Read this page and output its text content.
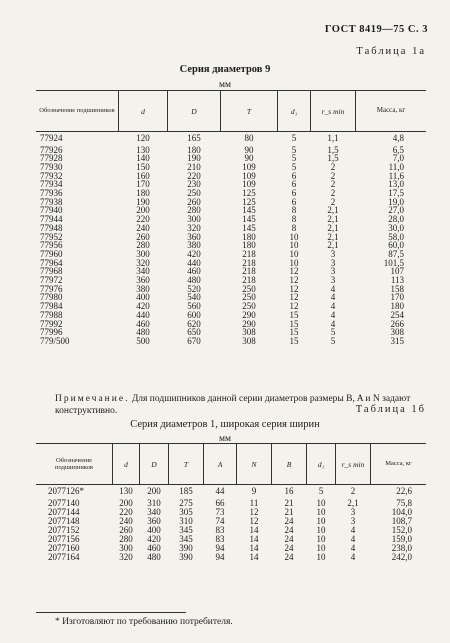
ГОСТ 8419—75 С. 3
Таблица 1а
Серия диаметров 9
мм
Обозначение подшипников	d	D	T	d₁	r_s min	Масса, кг
77924	120	165	80	5	1,1	4,8
77926	130	180	90	5	1,5	6,5
77928	140	190	90	5	1,5	7,0
77930	150	210	109	5	2	11,0
77932	160	220	109	6	2	11,6
77934	170	230	109	6	2	13,0
77936	180	250	125	6	2	17,5
77938	190	260	125	6	2	19,0
77940	200	280	145	8	2,1	27,0
77944	220	300	145	8	2,1	28,0
77948	240	320	145	8	2,1	30,0
77952	260	360	180	10	2,1	58,0
77956	280	380	180	10	2,1	60,0
77960	300	420	218	10	3	87,5
77964	320	440	218	10	3	101,5
77968	340	460	218	12	3	107
77972	360	480	218	12	3	113
77976	380	520	250	12	4	158
77980	400	540	250	12	4	170
77984	420	560	250	12	4	180
77988	440	600	290	15	4	254
77992	460	620	290	15	4	266
77996	480	650	308	15	5	308
779/500	500	670	308	15	5	315
Примечание. Для подшипников данной серии диаметров размеры B, A и N задают конструктивно.	Таблица 1б
Серия диаметров 1, широкая серия ширин
мм
Обозначение подшипников	d	D	T	A	N	B	d₁	r_s min	Масса, кг
2077126*	130	200	185	44	9	16	5	2	22,6
2077140	200	310	275	66	11	21	10	2,1	75,8
2077144	220	340	305	73	12	21	10	3	104,0
2077148	240	360	310	74	12	24	10	3	108,7
2077152	260	400	345	83	14	24	10	4	152,0
2077156	280	420	345	83	14	24	10	4	159,0
2077160	300	460	390	94	14	24	10	4	238,0
2077164	320	480	390	94	14	24	10	4	242,0
* Изготовляют по требованию потребителя.
